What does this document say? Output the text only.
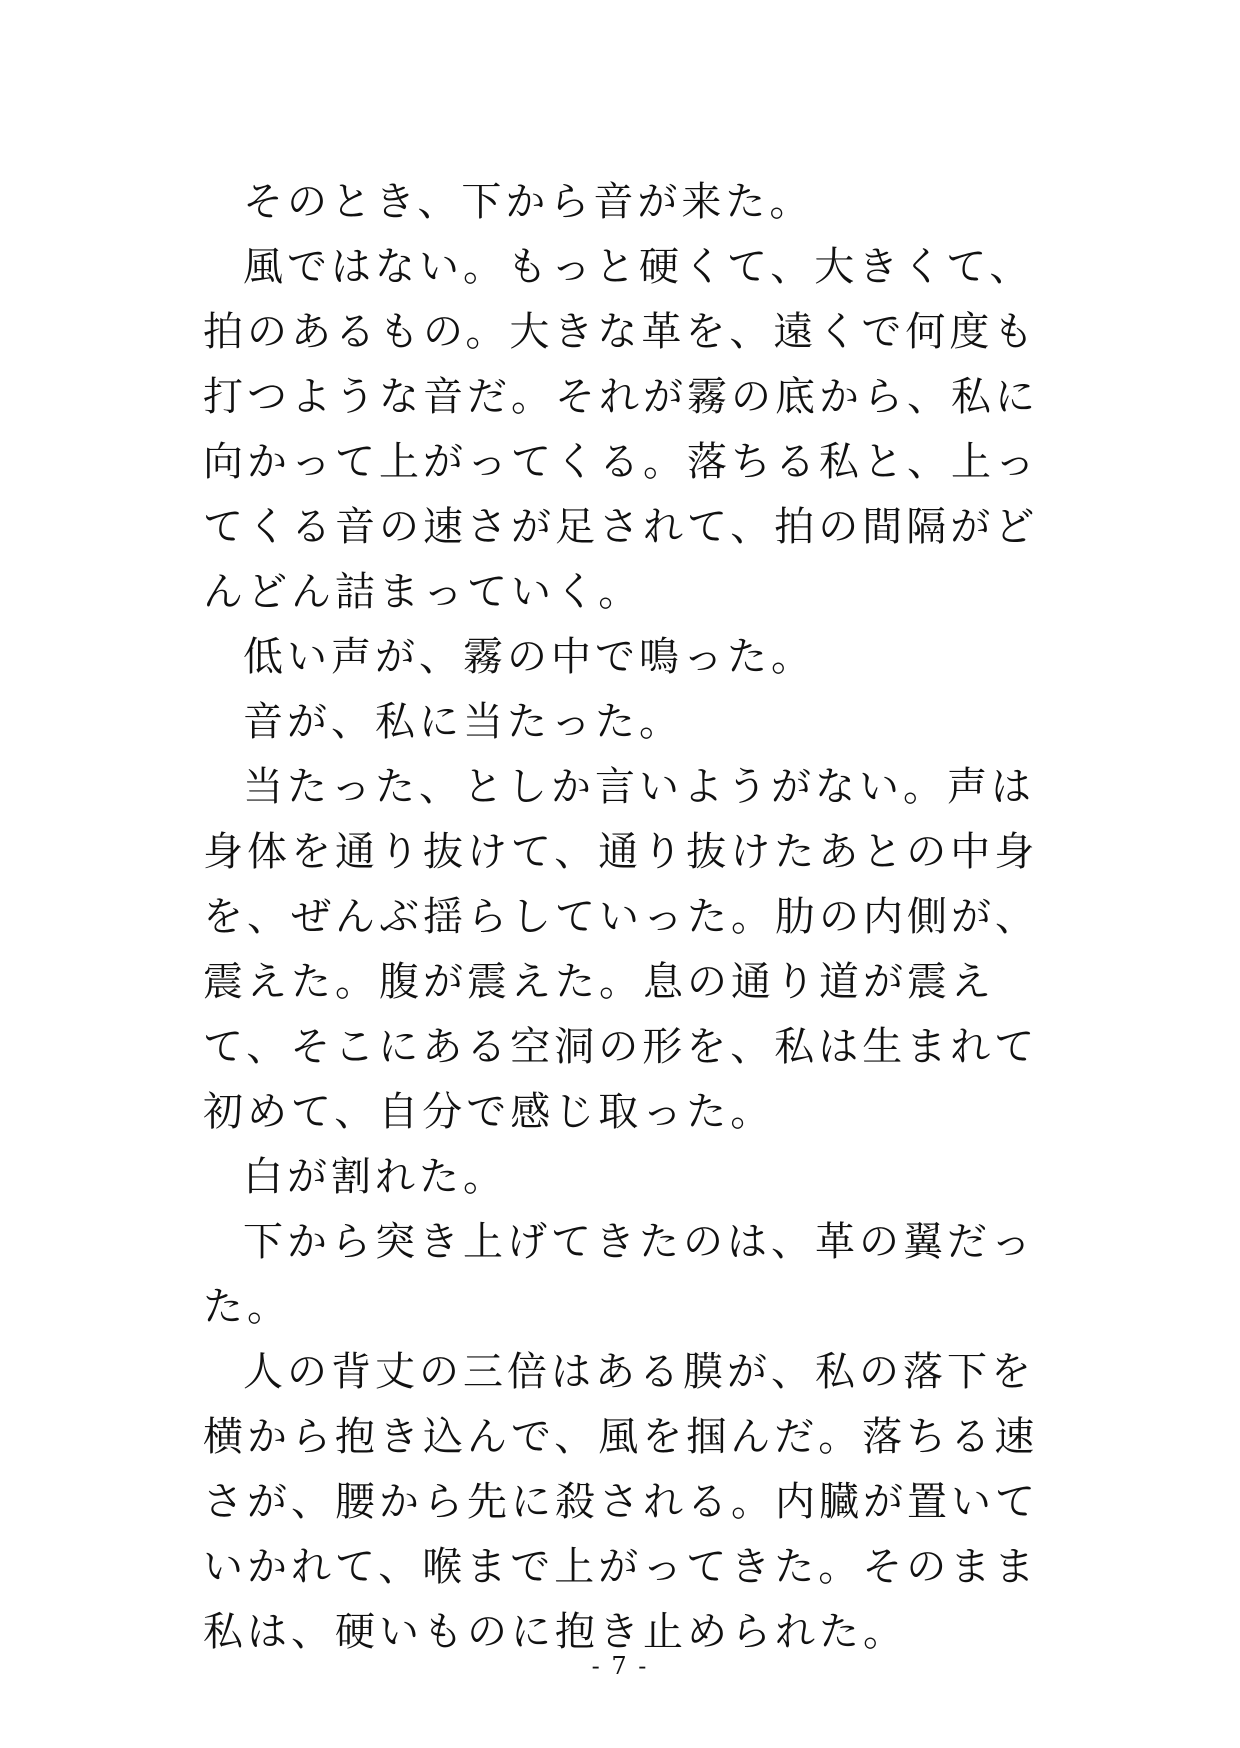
そのとき、下から音が来た。

風ではない。もっと硬くて、大きくて、拍のあるもの。大きな革を、遠くで何度も打つような音だ。それが霧の底から、私に向かって上がってくる。落ちる私と、上ってくる音の速さが足されて、拍の間隔がどんどん詰まっていく。

低い声が、霧の中で鳴った。

音が、私に当たった。

当たった、としか言いようがない。声は身体を通り抜けて、通り抜けたあとの中身を、ぜんぶ揺らしていった。肋の内側が、震えた。腹が震えた。息の通り道が震えて、そこにある空洞の形を、私は生まれて初めて、自分で感じ取った。

白が割れた。

下から突き上げてきたのは、革の翼だった。

人の背丈の三倍はある膜が、私の落下を横から抱き込んで、風を掴んだ。落ちる速さが、腰から先に殺される。内臓が置いていかれて、喉まで上がってきた。そのまま私は、硬いものに抱き止められた。

- 7 -
